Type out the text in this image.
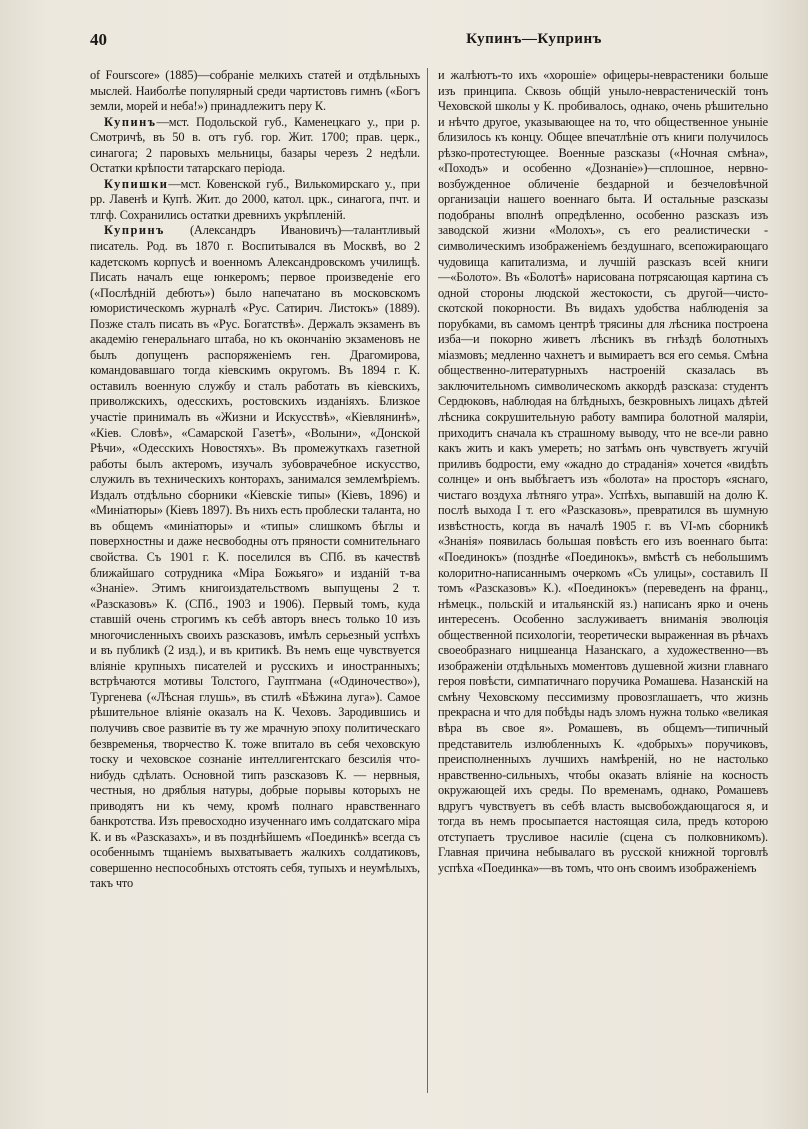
40	Купинъ—Купринъ

of Fourscore» (1885)—собраніе мелкихъ статей и отдѣльныхъ мыслей. Наиболѣе популярный среди чартистовъ гимнъ («Богъ земли, морей и неба!») принадлежитъ перу К.

Купинъ—мст. Подольской губ., Каменецкаго у., при р. Смотричѣ, въ 50 в. отъ губ. гор. Жит. 1700; прав. церк., синагога; 2 паровыхъ мельницы, базары черезъ 2 недѣли. Остатки крѣпости татарскаго періода.

Купишки—мст. Ковенской губ., Вилькомирскаго у., при рр. Лавенѣ и Купѣ. Жит. до 2000, катол. црк., синагога, пчт. и тлгф. Сохранились остатки древнихъ укрѣпленій.

Купринъ (Александръ Ивановичъ)—талантливый писатель. Род. въ 1870 г. Воспитывался въ Москвѣ, во 2 кадетскомъ корпусѣ и военномъ Александровскомъ училищѣ. Писать началъ еще юнкеромъ; первое произведеніе его («Послѣдній дебютъ») было напечатано въ московскомъ юмористическомъ журналѣ «Рус. Сатирич. Листокъ» (1889). Позже сталъ писать въ «Рус. Богатствѣ». Держалъ экзаменъ въ академію генеральнаго штаба, но къ окончанію экзаменовъ не былъ допущенъ распоряженіемъ ген. Драгомирова, командовавшаго тогда кіевскимъ округомъ. Въ 1894 г. К. оставилъ военную службу и сталъ работать въ кіевскихъ, приволжскихъ, одесскихъ, ростовскихъ изданіяхъ. Близкое участіе принималъ въ «Жизни и Искусствѣ», «Кіевлянинѣ», «Кіев. Словѣ», «Самарской Газетѣ», «Волыни», «Донской Рѣчи», «Одесскихъ Новостяхъ». Въ промежуткахъ газетной работы былъ актеромъ, изучалъ зубоврачебное искусство, служилъ въ техническихъ конторахъ, занимался землемѣріемъ. Издалъ отдѣльно сборники «Кіевскіе типы» (Кіевъ, 1896) и «Миніатюры» (Кіевъ 1897). Въ нихъ есть проблески таланта, но въ общемъ «миніатюры» и «типы» слишкомъ бѣглы и поверхностны и даже несвободны отъ пряности сомнительнаго свойства. Съ 1901 г. К. поселился въ СПб. въ качествѣ ближайшаго сотрудника «Міра Божьяго» и изданій т-ва «Знаніе». Этимъ книгоиздательствомъ выпущены 2 т. «Разсказовъ» К. (СПб., 1903 и 1906). Первый томъ, куда ставшій очень строгимъ къ себѣ авторъ внесъ только 10 изъ многочисленныхъ своихъ разсказовъ, имѣлъ серьезный успѣхъ и въ публикѣ (2 изд.), и въ критикѣ. Въ немъ еще чувствуется вліяніе крупныхъ писателей и русскихъ и иностранныхъ; встрѣчаются мотивы Толстого, Гауптмана («Одиночество»), Тургенева («Лѣсная глушь», въ стилѣ «Бѣжина луга»). Самое рѣшительное вліяніе оказалъ на К. Чеховъ. Зародившись и получивъ свое развитіе въ ту же мрачную эпоху политическаго безвременья, творчество К. тоже впитало въ себя чеховскую тоску и чеховское сознаніе интеллигентскаго безсилія что-нибудь сдѣлать. Основной типъ разсказовъ К. — нервныя, честныя, но дряблыя натуры, добрые порывы которыхъ не приводятъ ни къ чему, кромѣ полнаго нравственнаго банкротства. Изъ превосходно изученнаго имъ солдатскаго міра К. и въ «Разсказахъ», и въ позднѣйшемъ «Поединкѣ» всегда съ особеннымъ тщаніемъ выхватываетъ жалкихъ солдатиковъ, совершенно неспособныхъ отстоять себя, тупыхъ и неумѣлыхъ, такъ что

и жалѣютъ-то ихъ «хорошіе» офицеры-неврастеники больше изъ принципа. Сквозь общій уныло-неврастеническій тонъ Чеховской школы у К. пробивалось, однако, очень рѣшительно и нѣчто другое, указывающее на то, что общественное уныніе близилось къ концу. Общее впечатлѣніе отъ книги получилось рѣзко-протестующее. Военные разсказы («Ночная смѣна», «Походъ» и особенно «Дознаніе»)—сплошное, нервно-возбужденное обличеніе бездарной и безчеловѣчной организаціи нашего военнаго быта. И остальные разсказы подобраны вполнѣ опредѣленно, особенно разсказъ изъ заводской жизни «Молохъ», съ его реалистически - символическимъ изображеніемъ бездушнаго, всепожирающаго чудовища капитализма, и лучшій разсказъ всей книги—«Болото». Въ «Болотѣ» нарисована потрясающая картина съ одной стороны людской жестокости, съ другой—чисто-скотской покорности. Въ видахъ удобства наблюденія за порубками, въ самомъ центрѣ трясины для лѣсника построена изба—и покорно живетъ лѣсникъ въ гнѣздѣ болотныхъ міазмовъ; медленно чахнетъ и вымираетъ вся его семья. Смѣна общественно-литературныхъ настроеній сказалась въ заключительномъ символическомъ аккордѣ разсказа: студентъ Сердюковъ, наблюдая на блѣдныхъ, безкровныхъ лицахъ дѣтей лѣсника сокрушительную работу вампира болотной маляріи, приходитъ сначала къ страшному выводу, что не все-ли равно какъ жить и какъ умереть; но затѣмъ онъ чувствуетъ жгучій приливъ бодрости, ему «жадно до страданія» хочется «видѣть солнце» и онъ выбѣгаетъ изъ «болота» на просторъ «яснаго, чистаго воздуха лѣтняго утра». Успѣхъ, выпавшій на долю К. послѣ выхода I т. его «Разсказовъ», превратился въ шумную извѣстность, когда въ началѣ 1905 г. въ VI-мъ сборникѣ «Знанія» появилась большая повѣсть его изъ военнаго быта: «Поединокъ» (позднѣе «Поединокъ», вмѣстѣ съ небольшимъ колоритно-написаннымъ очеркомъ «Съ улицы», составилъ II томъ «Разсказовъ» К.). «Поединокъ» (переведенъ на франц., нѣмецк., польскій и итальянскій яз.) написанъ ярко и очень интересенъ. Особенно заслуживаетъ вниманія эволюція общественной психологіи, теоретически выраженная въ рѣчахъ своеобразнаго ницшеанца Назанскаго, а художественно—въ изображеніи отдѣльныхъ моментовъ душевной жизни главнаго героя повѣсти, симпатичнаго поручика Ромашева. Назанскій на смѣну Чеховскому пессимизму провозглашаетъ, что жизнь прекрасна и что для побѣды надъ зломъ нужна только «великая вѣра въ свое я». Ромашевъ, въ общемъ—типичный представитель излюбленныхъ К. «добрыхъ» поручиковъ, преисполненныхъ лучшихъ намѣреній, но не настолько нравственно-сильныхъ, чтобы оказать вліяніе на косность окружающей ихъ среды. По временамъ, однако, Ромашевъ вдругъ чувствуетъ въ себѣ власть высвобождающагося я, и тогда въ немъ просыпается настоящая сила, предъ которою отступаетъ трусливое насиліе (сцена съ полковникомъ). Главная причина небывалаго въ русской книжной торговлѣ успѣха «Поединка»—въ томъ, что онъ своимъ изображеніемъ
